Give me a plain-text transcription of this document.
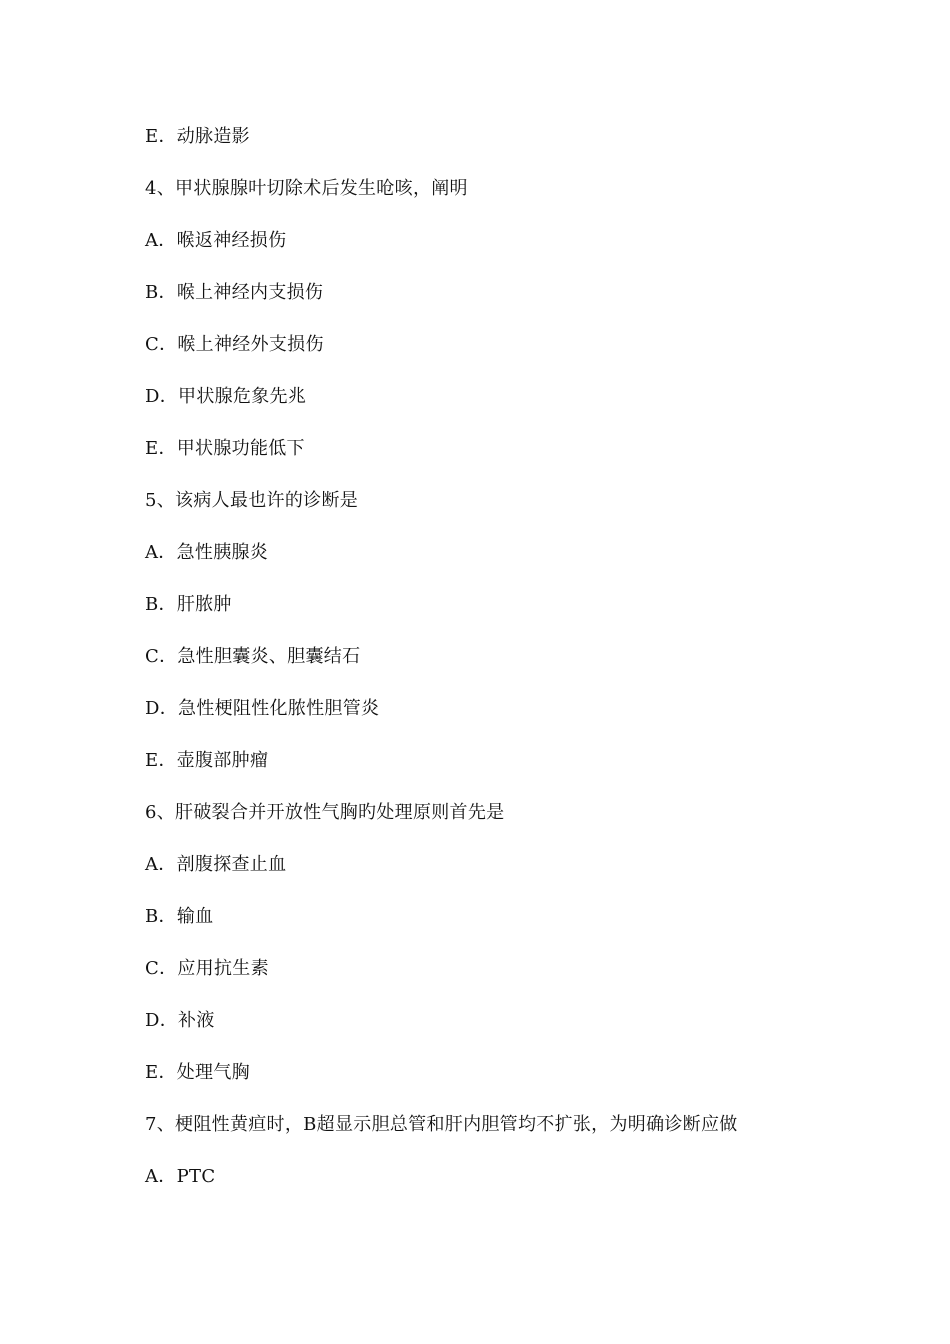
E．动脉造影
4、甲状腺腺叶切除术后发生呛咳，阐明
A．喉返神经损伤
B．喉上神经内支损伤
C．喉上神经外支损伤
D．甲状腺危象先兆
E．甲状腺功能低下
5、该病人最也许的诊断是
A．急性胰腺炎
B．肝脓肿
C．急性胆囊炎、胆囊结石
D．急性梗阻性化脓性胆管炎
E．壶腹部肿瘤
6、肝破裂合并开放性气胸旳处理原则首先是
A．剖腹探查止血
B．输血
C．应用抗生素
D．补液
E．处理气胸
7、梗阻性黄疸时，B超显示胆总管和肝内胆管均不扩张，为明确诊断应做
A．PTC
